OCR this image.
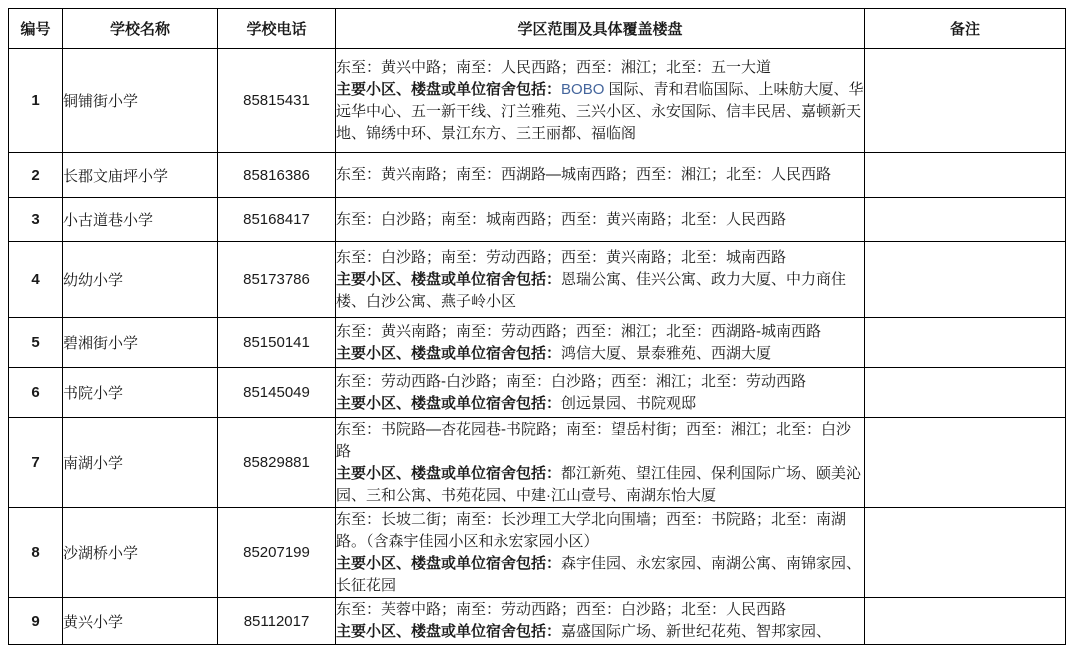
编号	学校名称	学校电话	学区范围及具体覆盖楼盘	备注
1	铜铺街小学	85815431	东至：黄兴中路；南至：人民西路；西至：湘江；北至：五一大道
主要小区、楼盘或单位宿舍包括：BOBO 国际、青和君临国际、上味舫大厦、华远华中心、五一新干线、汀兰雅苑、三兴小区、永安国际、信丰民居、嘉顿新天地、锦绣中环、景江东方、三王丽都、福临阁	

2	长郡文庙坪小学	85816386	东至：黄兴南路；南至：西湖路—城南西路；西至：湘江；北至：人民西路	

3	小古道巷小学	85168417	东至：白沙路；南至：城南西路；西至：黄兴南路；北至：人民西路	

4	幼幼小学	85173786	东至：白沙路；南至：劳动西路；西至：黄兴南路；北至：城南西路
主要小区、楼盘或单位宿舍包括：恩瑞公寓、佳兴公寓、政力大厦、中力商住楼、白沙公寓、燕子岭小区	

5	碧湘街小学	85150141	东至：黄兴南路；南至：劳动西路；西至：湘江；北至：西湖路-城南西路
主要小区、楼盘或单位宿舍包括：鸿信大厦、景泰雅苑、西湖大厦	

6	书院小学	85145049	东至：劳动西路-白沙路；南至：白沙路；西至：湘江；北至：劳动西路
主要小区、楼盘或单位宿舍包括：创远景园、书院观邸	

7	南湖小学	85829881	东至：书院路—杏花园巷-书院路；南至：望岳村街；西至：湘江；北至：白沙路
主要小区、楼盘或单位宿舍包括：都江新苑、望江佳园、保利国际广场、颐美沁园、三和公寓、书苑花园、中建·江山壹号、南湖东怡大厦	

8	沙湖桥小学	85207199	东至：长坡二街；南至：长沙理工大学北向围墙；西至：书院路；北至：南湖路。（含森宇佳园小区和永宏家园小区）
主要小区、楼盘或单位宿舍包括：森宇佳园、永宏家园、南湖公寓、南锦家园、长征花园	

9	黄兴小学	85112017	东至：芙蓉中路；南至：劳动西路；西至：白沙路；北至：人民西路
主要小区、楼盘或单位宿舍包括：嘉盛国际广场、新世纪花苑、智邦家园、	
